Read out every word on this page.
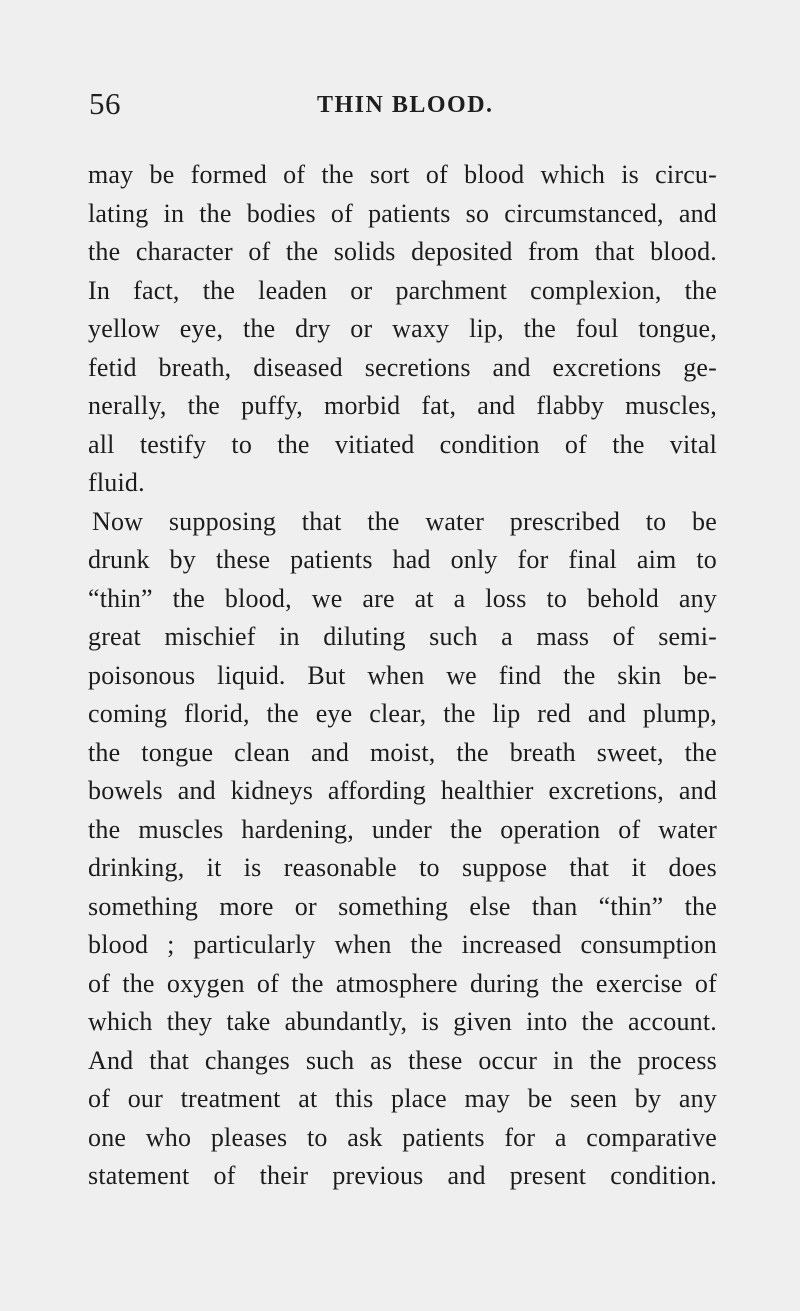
56	THIN BLOOD.
may be formed of the sort of blood which is circu-
lating in the bodies of patients so circumstanced, and
the character of the solids deposited from that blood.
In fact, the leaden or parchment complexion, the
yellow eye, the dry or waxy lip, the foul tongue,
fetid breath, diseased secretions and excretions ge-
nerally, the puffy, morbid fat, and flabby muscles,
all testify to the vitiated condition of the vital
fluid.
Now supposing that the water prescribed to be
drunk by these patients had only for final aim to
“thin” the blood, we are at a loss to behold any
great mischief in diluting such a mass of semi-
poisonous liquid. But when we find the skin be-
coming florid, the eye clear, the lip red and plump,
the tongue clean and moist, the breath sweet, the
bowels and kidneys affording healthier excretions, and
the muscles hardening, under the operation of water
drinking, it is reasonable to suppose that it does
something more or something else than “thin” the
blood ; particularly when the increased consumption
of the oxygen of the atmosphere during the exercise of
which they take abundantly, is given into the account.
And that changes such as these occur in the process
of our treatment at this place may be seen by any
one who pleases to ask patients for a comparative
statement of their previous and present condition.
